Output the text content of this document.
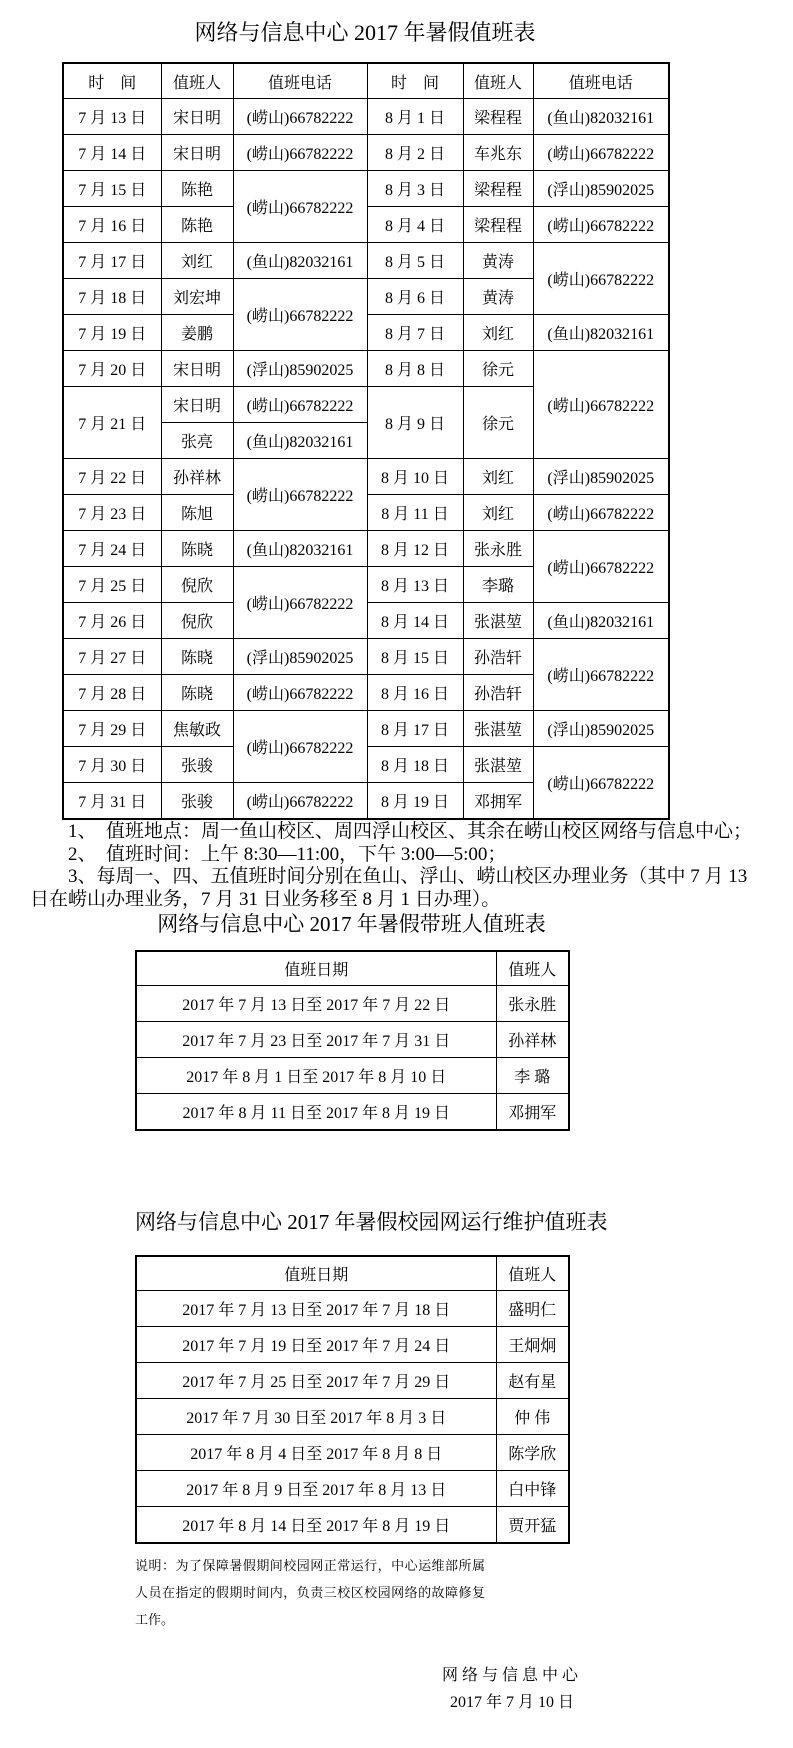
网络与信息中心 2017 年暑假值班表
时　间	值班人	值班电话	时　间	值班人	值班电话
7 月 13 日	宋日明	(崂山)66782222	8 月 1 日	梁程程	(鱼山)82032161
7 月 14 日	宋日明	(崂山)66782222	8 月 2 日	车兆东	(崂山)66782222
7 月 15 日	陈艳	(崂山)66782222	8 月 3 日	梁程程	(浮山)85902025
7 月 16 日	陈艳		8 月 4 日	梁程程	(崂山)66782222
7 月 17 日	刘红	(鱼山)82032161	8 月 5 日	黄涛	(崂山)66782222
7 月 18 日	刘宏坤	(崂山)66782222	8 月 6 日	黄涛	
7 月 19 日	姜鹏		8 月 7 日	刘红	(鱼山)82032161
7 月 20 日	宋日明	(浮山)85902025	8 月 8 日	徐元	(崂山)66782222
7 月 21 日	宋日明	(崂山)66782222	8 月 9 日	徐元	
	张亮	(鱼山)82032161			
7 月 22 日	孙祥林	(崂山)66782222	8 月 10 日	刘红	(浮山)85902025
7 月 23 日	陈旭		8 月 11 日	刘红	(崂山)66782222
7 月 24 日	陈晓	(鱼山)82032161	8 月 12 日	张永胜	(崂山)66782222
7 月 25 日	倪欣	(崂山)66782222	8 月 13 日	李璐	
7 月 26 日	倪欣		8 月 14 日	张湛堃	(鱼山)82032161
7 月 27 日	陈晓	(浮山)85902025	8 月 15 日	孙浩轩	(崂山)66782222
7 月 28 日	陈晓	(崂山)66782222	8 月 16 日	孙浩轩	
7 月 29 日	焦敏政	(崂山)66782222	8 月 17 日	张湛堃	(浮山)85902025
7 月 30 日	张骏		8 月 18 日	张湛堃	(崂山)66782222
7 月 31 日	张骏	(崂山)66782222	8 月 19 日	邓拥军	
　　1、　值班地点：周一鱼山校区、周四浮山校区、其余在崂山校区网络与信息中心；
　　2、　值班时间：上午 8:30—11:00，下午 3:00—5:00；
　　3、每周一、四、五值班时间分别在鱼山、浮山、崂山校区办理业务（其中 7 月 13
日在崂山办理业务，7 月 31 日业务移至 8 月 1 日办理）。
网络与信息中心 2017 年暑假带班人值班表
值班日期	值班人
2017 年 7 月 13 日至 2017 年 7 月 22 日	张永胜
2017 年 7 月 23 日至 2017 年 7 月 31 日	孙祥林
2017 年 8 月 1 日至 2017 年 8 月 10 日	李 璐
2017 年 8 月 11 日至 2017 年 8 月 19 日	邓拥军
网络与信息中心 2017 年暑假校园网运行维护值班表
值班日期	值班人
2017 年 7 月 13 日至 2017 年 7 月 18 日	盛明仁
2017 年 7 月 19 日至 2017 年 7 月 24 日	王炯炯
2017 年 7 月 25 日至 2017 年 7 月 29 日	赵有星
2017 年 7 月 30 日至 2017 年 8 月 3 日	仲 伟
2017 年 8 月 4 日至 2017 年 8 月 8 日	陈学欣
2017 年 8 月 9 日至 2017 年 8 月 13 日	白中锋
2017 年 8 月 14 日至 2017 年 8 月 19 日	贾开猛
说明：为了保障暑假期间校园网正常运行，中心运维部所属人员在指定的假期时间内，负责三校区校园网络的故障修复工作。
网络与信息中心
2017 年 7 月 10 日
